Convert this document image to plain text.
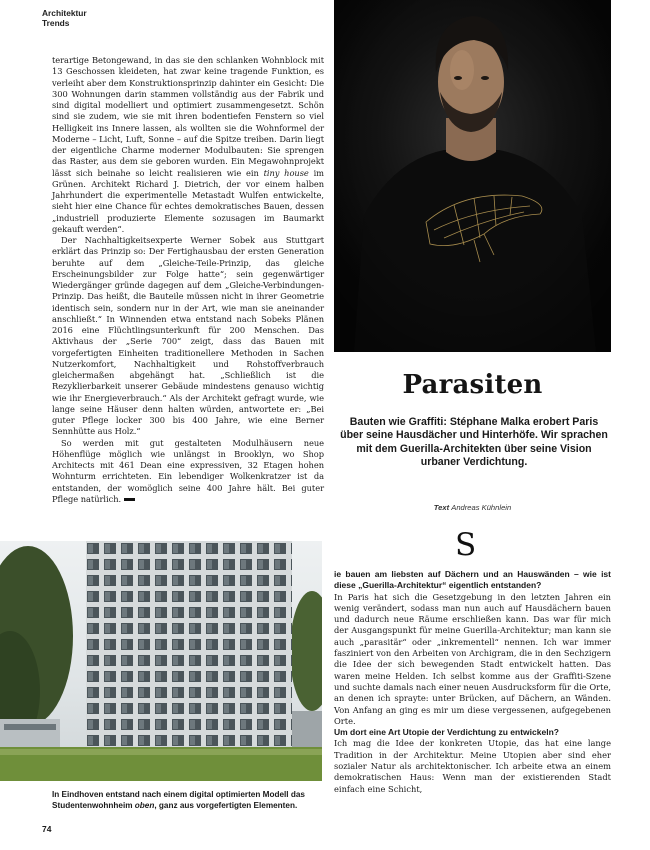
Architektur
Trends

terartige Betongewand, in das sie den schlanken Wohnblock mit 13 Geschossen kleideten, hat zwar keine tragende Funktion, es verleiht aber dem Konstruktionsprinzip dahinter ein Gesicht: Die 300 Wohnungen darin stammen vollständig aus der Fabrik und sind digital modelliert und optimiert zusammengesetzt. Schön sind sie zudem, wie sie mit ihren bodentiefen Fenstern so viel Helligkeit ins Innere lassen, als wollten sie die Wohnformel der Moderne – Licht, Luft, Sonne – auf die Spitze treiben. Darin liegt der eigentliche Charme moderner Modulbauten: Sie sprengen das Raster, aus dem sie geboren wurden. Ein Megawohnprojekt lässt sich beinahe so leicht realisieren wie ein tiny house im Grünen. Architekt Richard J. Dietrich, der vor einem halben Jahrhundert die experimentelle Metastadt Wulfen entwickelte, sieht hier eine Chance für echtes demokratisches Bauen, dessen „industriell produzierte Elemente sozusagen im Baumarkt gekauft werden“.

Der Nachhaltigkeitsexperte Werner Sobek aus Stuttgart erklärt das Prinzip so: Der Fertighausbau der ersten Generation beruhte auf dem „Gleiche-Teile-Prinzip, das gleiche Erscheinungsbilder zur Folge hatte“; sein gegenwärtiger Wiedergänger gründe dagegen auf dem „Gleiche-Verbindungen-Prinzip. Das heißt, die Bauteile müssen nicht in ihrer Geometrie identisch sein, sondern nur in der Art, wie man sie aneinander anschließt.“ In Winnenden etwa entstand nach Sobeks Plänen 2016 eine Flüchtlingsunterkunft für 200 Menschen. Das Aktivhaus der „Serie 700“ zeigt, dass das Bauen mit vorgefertigten Einheiten traditionellere Methoden in Sachen Nutzerkomfort, Nachhaltigkeit und Rohstoffverbrauch gleichermaßen abgehängt hat. „Schließlich ist die Rezyklierbarkeit unserer Gebäude mindestens genauso wichtig wie ihr Energieverbrauch.“ Als der Architekt gefragt wurde, wie lange seine Häuser denn halten würden, antwortete er: „Bei guter Pflege locker 300 bis 400 Jahre, wie eine Berner Sennhütte aus Holz.“

So werden mit gut gestalteten Modulhäusern neue Höhenflüge möglich wie unlängst in Brooklyn, wo Shop Architects mit 461 Dean eine expressiven, 32 Etagen hohen Wohnturm errichteten. Ein lebendiger Wolkenkratzer ist da entstanden, der womöglich seine 400 Jahre hält. Bei guter Pflege natürlich.

Parasiten

Bauten wie Graffiti: Stéphane Malka erobert Paris über seine Hausdächer und Hinterhöfe. Wir sprachen mit dem Guerilla-Architekten über seine Vision urbaner Verdichtung.

Text Andreas Kühnlein
S

ie bauen am liebsten auf Dächern und an Hauswänden – wie ist diese „Guerilla-Architektur“ eigentlich entstanden?

In Paris hat sich die Gesetzgebung in den letzten Jahren ein wenig verändert, sodass man nun auch auf Hausdächern bauen und dadurch neue Räume erschließen kann. Das war für mich der Ausgangspunkt für meine Guerilla-Architektur; man kann sie auch „parasitär“ oder „inkrementell“ nennen. Ich war immer fasziniert von den Arbeiten von Archigram, die in den Sechzigern die Idee der sich bewegenden Stadt entwickelt hatten. Das waren meine Helden. Ich selbst komme aus der Graffiti-Szene und suchte damals nach einer neuen Ausdrucksform für die Orte, an denen ich sprayte: unter Brücken, auf Dächern, an Wänden. Von Anfang an ging es mir um diese vergessenen, aufgegebenen Orte.

Um dort eine Art Utopie der Verdichtung zu entwickeln?

Ich mag die Idee der konkreten Utopie, das hat eine lange Tradition in der Architektur. Meine Utopien aber sind eher sozialer Natur als architektonischer. Ich arbeite etwa an einem demokratischen Haus: Wenn man der existierenden Stadt einfach eine Schicht,

In Eindhoven entstand nach einem digital optimierten Modell das Studentenwohnheim oben, ganz aus vorgefertigten Elementen.
74
